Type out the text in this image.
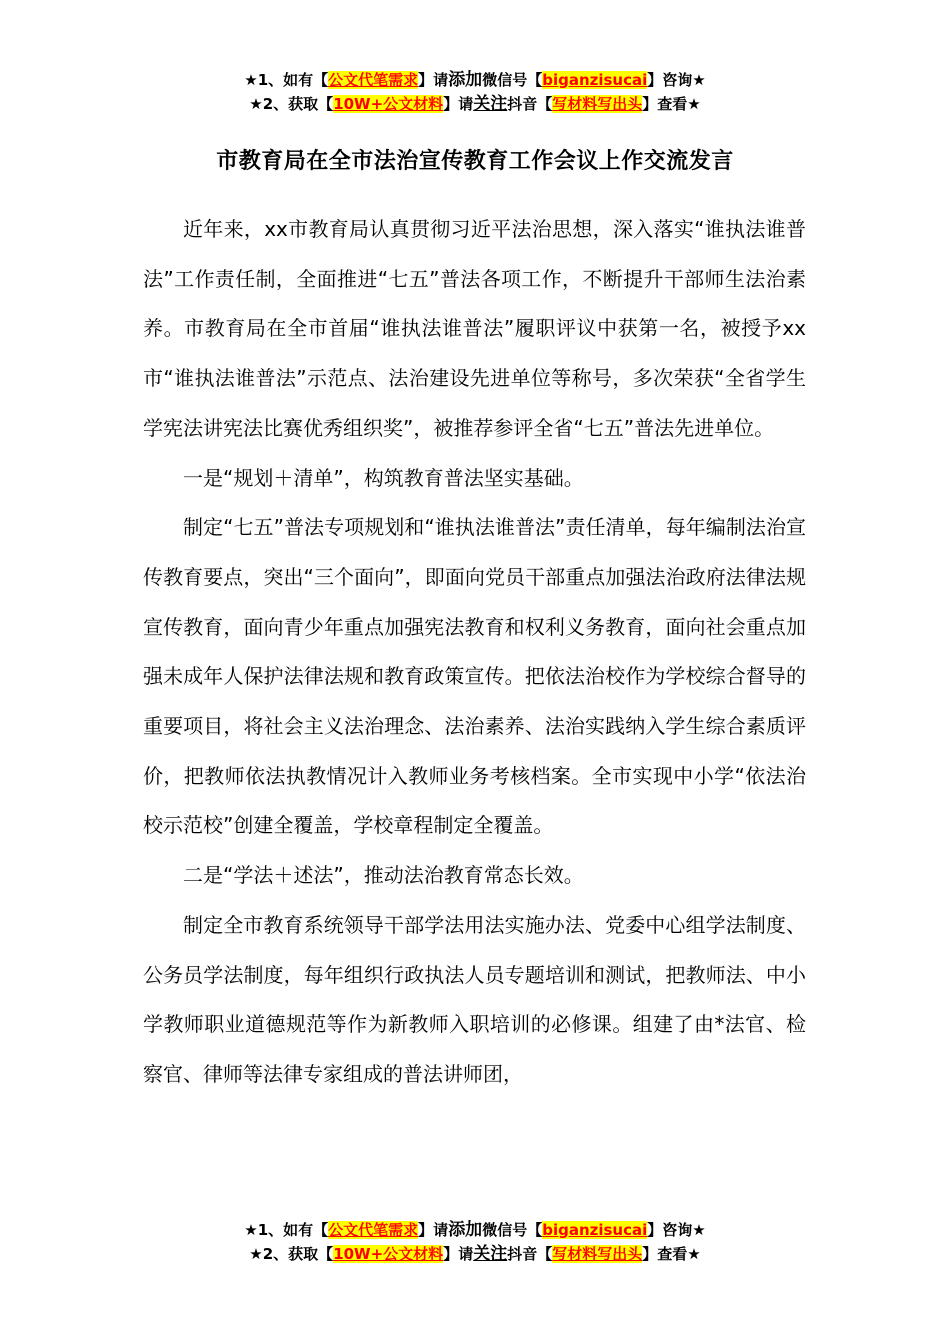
★1、如有【公文代笔需求】请添加微信号【biganzisucai】咨询★
★2、获取【10W+公文材料】请关注抖音【写材料写出头】查看★
市教育局在全市法治宣传教育工作会议上作交流发言

近年来，xx市教育局认真贯彻习近平法治思想，深入落实“谁执法谁普法”工作责任制，全面推进“七五”普法各项工作，不断提升干部师生法治素养。市教育局在全市首届“谁执法谁普法”履职评议中获第一名，被授予xx市“谁执法谁普法”示范点、法治建设先进单位等称号，多次荣获“全省学生学宪法讲宪法比赛优秀组织奖”，被推荐参评全省“七五”普法先进单位。

一是“规划＋清单”，构筑教育普法坚实基础。

制定“七五”普法专项规划和“谁执法谁普法”责任清单，每年编制法治宣传教育要点，突出“三个面向”，即面向党员干部重点加强法治政府法律法规宣传教育，面向青少年重点加强宪法教育和权利义务教育，面向社会重点加强未成年人保护法律法规和教育政策宣传。把依法治校作为学校综合督导的重要项目，将社会主义法治理念、法治素养、法治实践纳入学生综合素质评价，把教师依法执教情况计入教师业务考核档案。全市实现中小学“依法治校示范校”创建全覆盖，学校章程制定全覆盖。

二是“学法＋述法”，推动法治教育常态长效。

制定全市教育系统领导干部学法用法实施办法、党委中心组学法制度、公务员学法制度，每年组织行政执法人员专题培训和测试，把教师法、中小学教师职业道德规范等作为新教师入职培训的必修课。组建了由*法官、检察官、律师等法律专家组成的普法讲师团，

★1、如有【公文代笔需求】请添加微信号【biganzisucai】咨询★
★2、获取【10W+公文材料】请关注抖音【写材料写出头】查看★
